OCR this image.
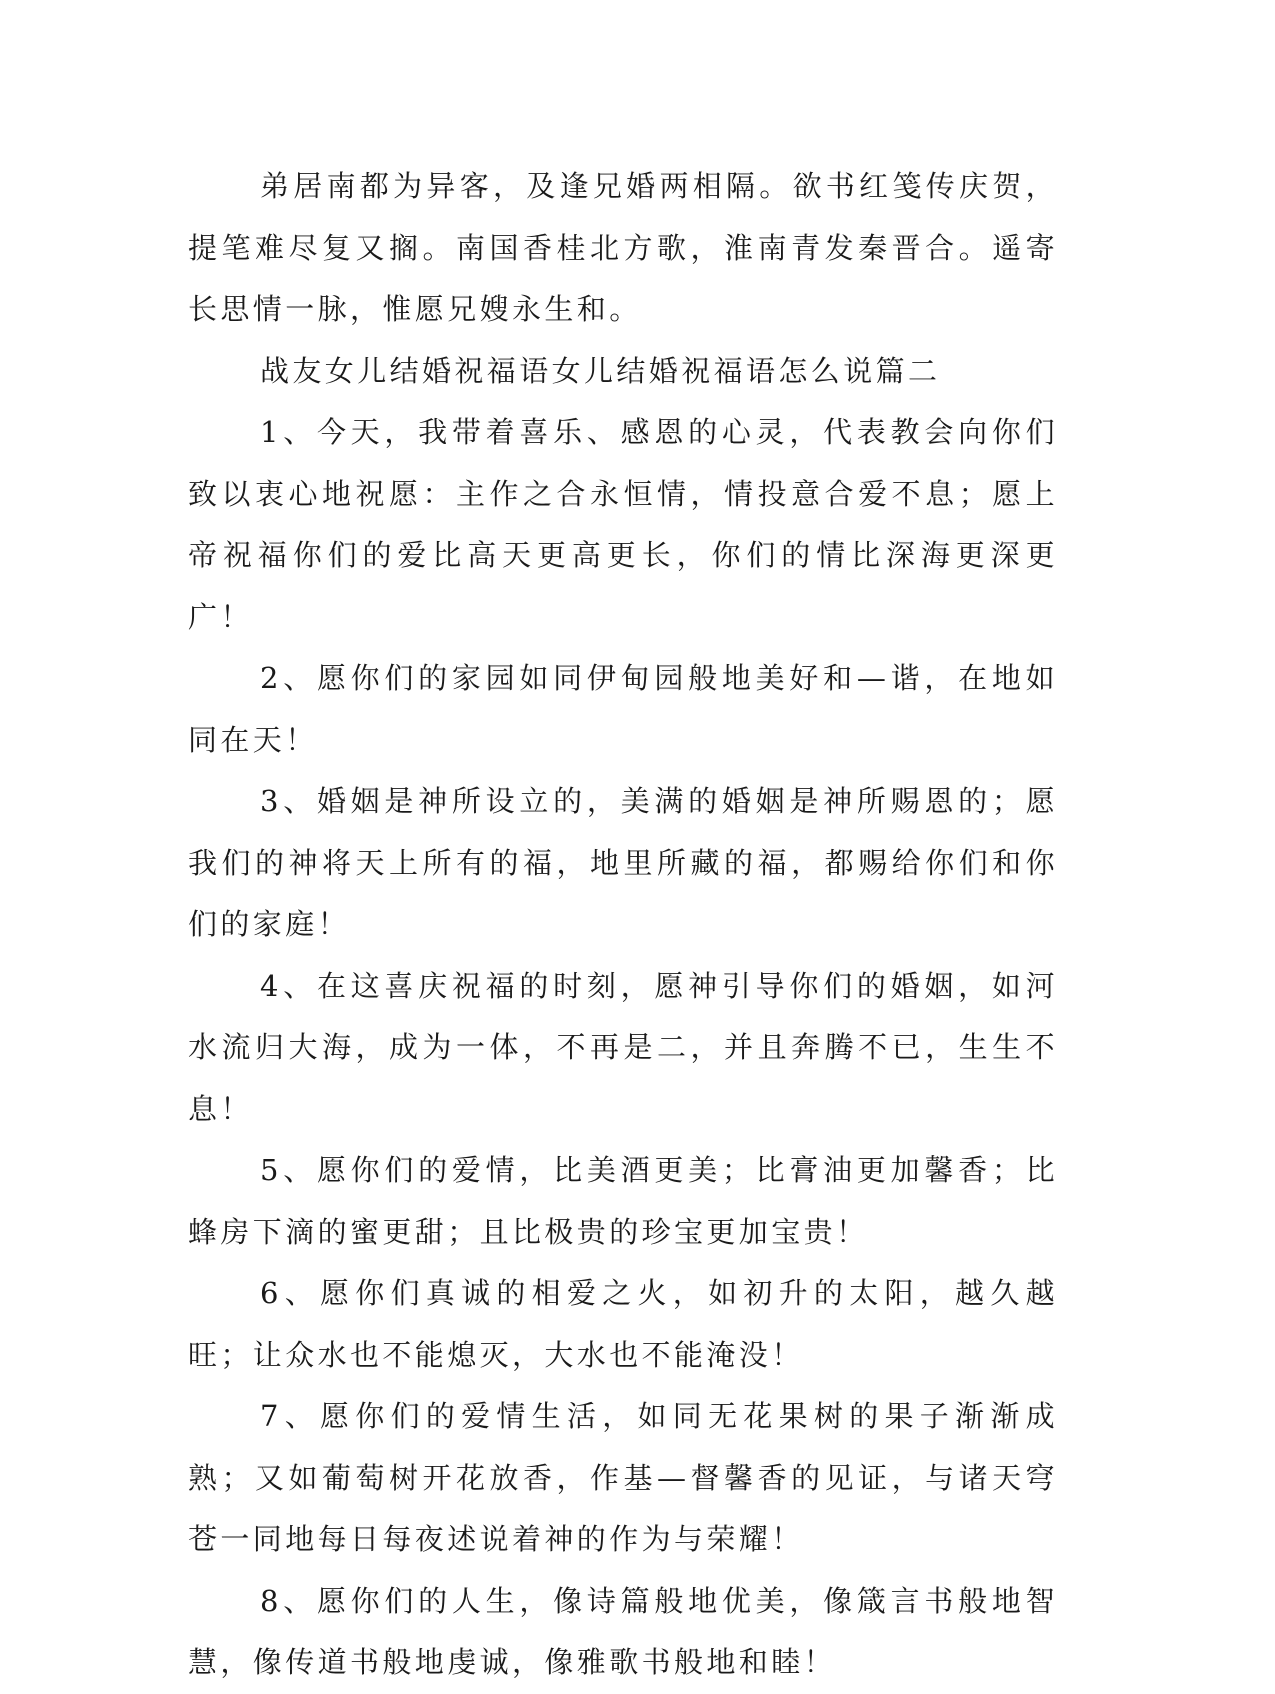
弟居南都为异客，及逢兄婚两相隔。欲书红笺传庆贺，提笔难尽复又搁。南国香桂北方歌，淮南青发秦晋合。遥寄长思情一脉，惟愿兄嫂永生和。

战友女儿结婚祝福语女儿结婚祝福语怎么说篇二

1、今天，我带着喜乐、感恩的心灵，代表教会向你们致以衷心地祝愿：主作之合永恒情，情投意合爱不息；愿上帝祝福你们的爱比高天更高更长，你们的情比深海更深更广！

2、愿你们的家园如同伊甸园般地美好和—谐，在地如同在天！

3、婚姻是神所设立的，美满的婚姻是神所赐恩的；愿我们的神将天上所有的福，地里所藏的福，都赐给你们和你们的家庭！

4、在这喜庆祝福的时刻，愿神引导你们的婚姻，如河水流归大海，成为一体，不再是二，并且奔腾不已，生生不息！

5、愿你们的爱情，比美酒更美；比膏油更加馨香；比蜂房下滴的蜜更甜；且比极贵的珍宝更加宝贵！

6、愿你们真诚的相爱之火，如初升的太阳，越久越旺；让众水也不能熄灭，大水也不能淹没！

7、愿你们的爱情生活，如同无花果树的果子渐渐成熟；又如葡萄树开花放香，作基—督馨香的见证，与诸天穹苍一同地每日每夜述说着神的作为与荣耀！

8、愿你们的人生，像诗篇般地优美，像箴言书般地智慧，像传道书般地虔诚，像雅歌书般地和睦！
